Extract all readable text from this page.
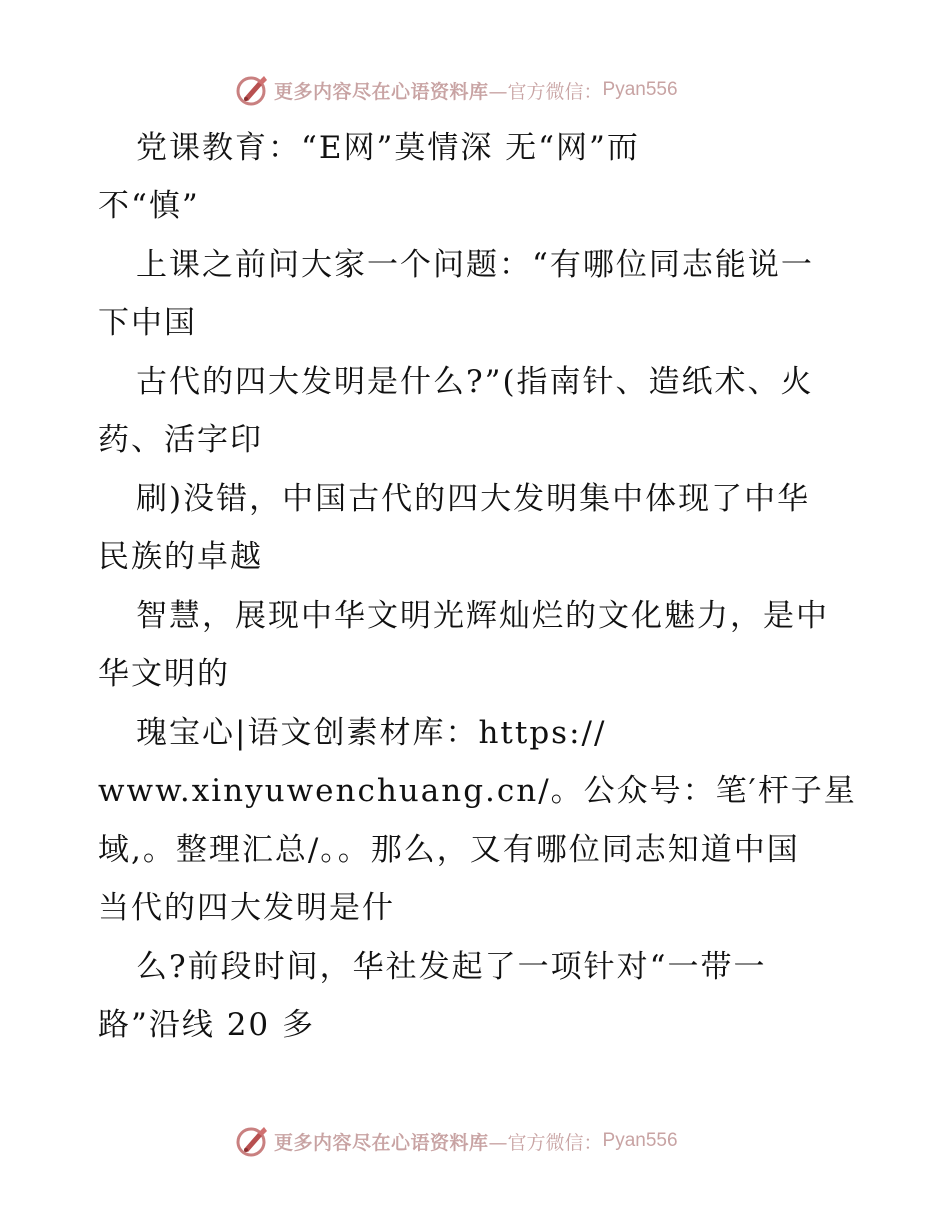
更多内容尽在心语资料库 —官方微信： Pyan556
党课教育：“E网”莫情深 无“网”而
不“慎”
上课之前问大家一个问题：“有哪位同志能说一
下中国
古代的四大发明是什么?”(指南针、造纸术、火
药、活字印
刷)没错，中国古代的四大发明集中体现了中华
民族的卓越
智慧，展现中华文明光辉灿烂的文化魅力，是中
华文明的
瑰宝心|语文创素材库：https://
www.xinyuwenchuang.cn/。公众号：笔′杆子星
域,。整理汇总/。。那么，又有哪位同志知道中国
当代的四大发明是什
么?前段时间，华社发起了一项针对“一带一
路”沿线 20 多
更多内容尽在心语资料库 —官方微信： Pyan556
